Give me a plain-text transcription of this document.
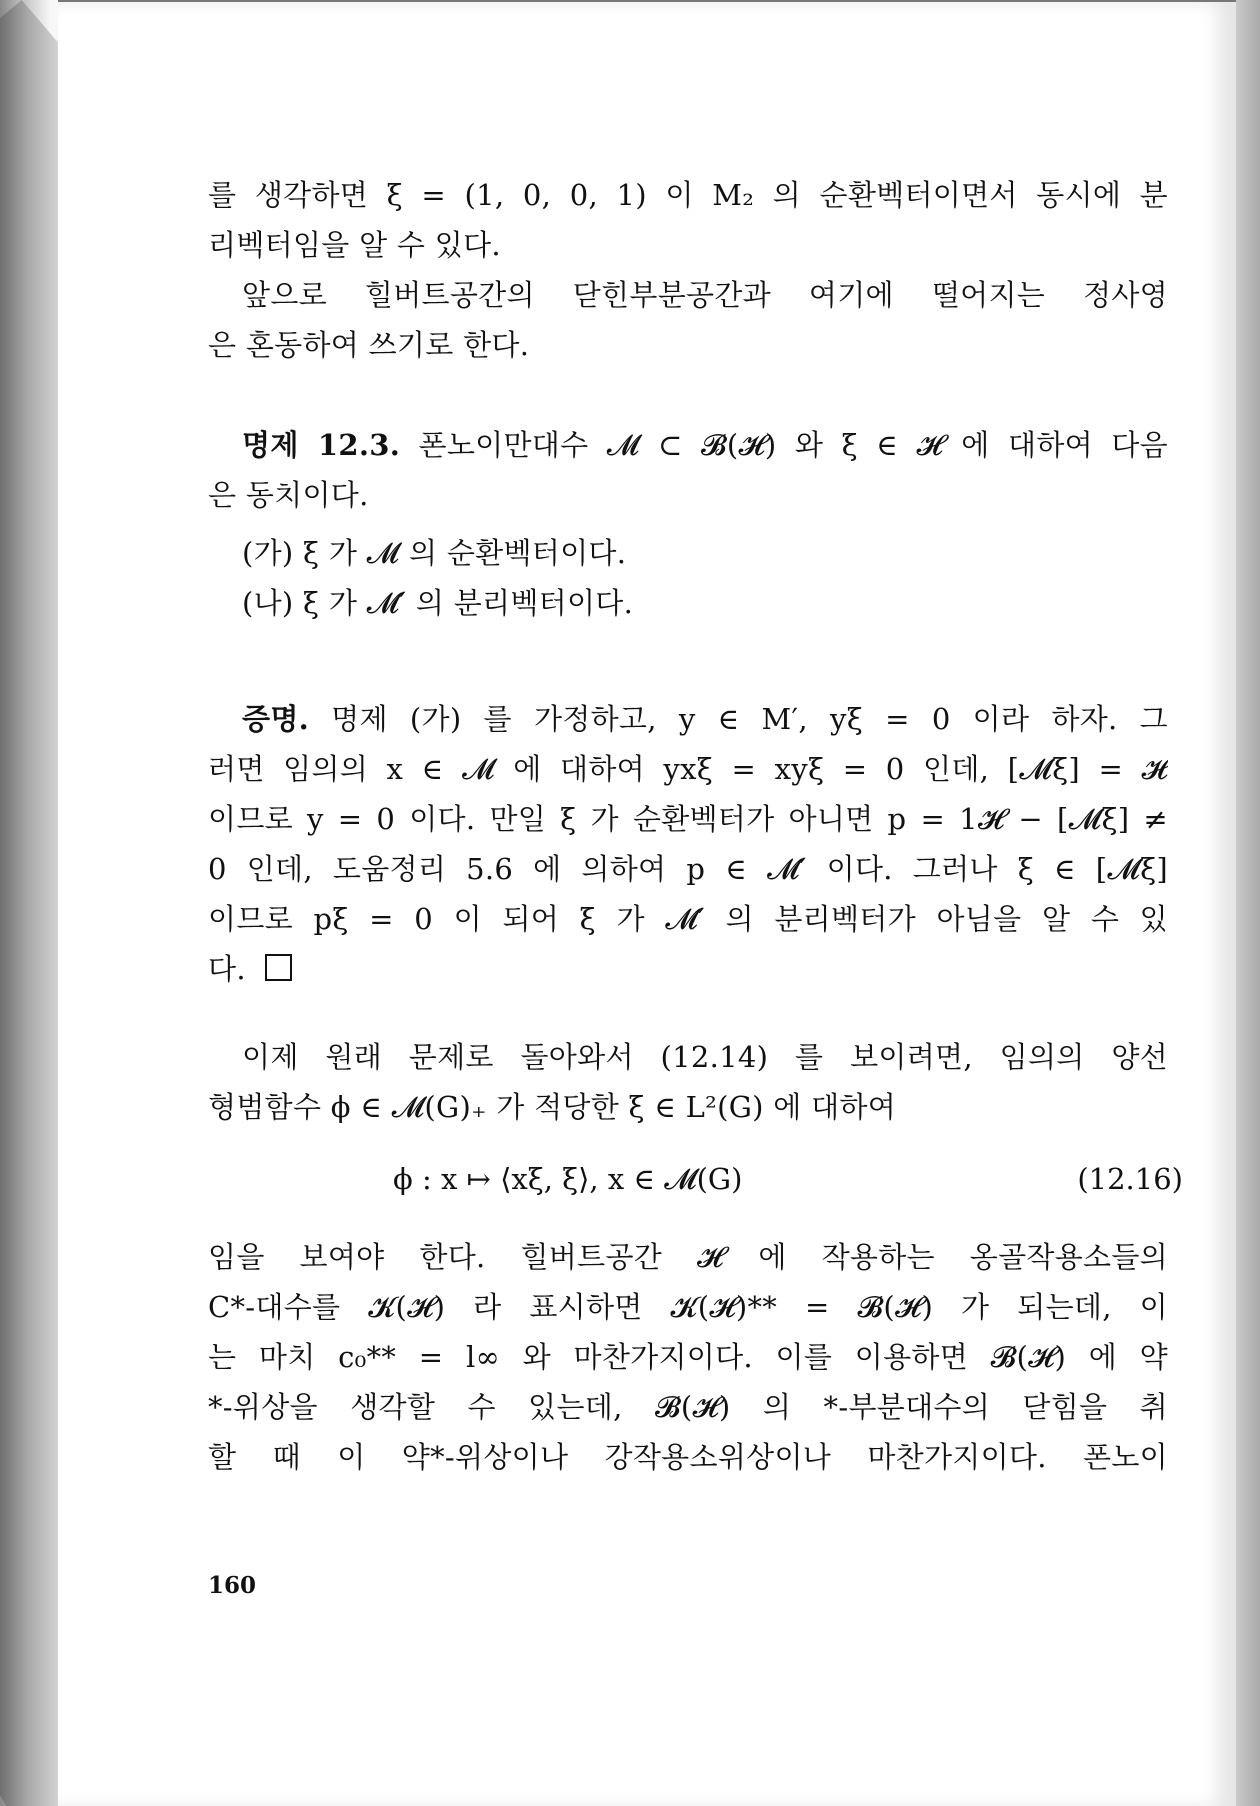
를 생각하면 ξ = (1, 0, 0, 1) 이 M₂ 의 순환벡터이면서 동시에 분
리벡터임을 알 수 있다.
앞으로 힐버트공간의 닫힌부분공간과 여기에 떨어지는 정사영
은 혼동하여 쓰기로 한다.
명제 12.3. 폰노이만대수 𝓜 ⊂ 𝓑(𝓗) 와 ξ ∈ 𝓗 에 대하여 다음
은 동치이다.
(가) ξ 가 𝓜 의 순환벡터이다.
(나) ξ 가 𝓜′ 의 분리벡터이다.
증명. 명제 (가) 를 가정하고, y ∈ M′, yξ = 0 이라 하자. 그
러면 임의의 x ∈ 𝓜 에 대하여 yxξ = xyξ = 0 인데, [𝓜ξ] = 𝓗
이므로 y = 0 이다. 만일 ξ 가 순환벡터가 아니면 p = 1𝓗 − [𝓜ξ] ≠
0 인데, 도움정리 5.6 에 의하여 p ∈ 𝓜′ 이다. 그러나 ξ ∈ [𝓜ξ]
이므로 pξ = 0 이 되어 ξ 가 𝓜′ 의 분리벡터가 아님을 알 수 있
다.
이제 원래 문제로 돌아와서 (12.14) 를 보이려면, 임의의 양선
형범함수 ϕ ∈ 𝓜(G)₊ 가 적당한 ξ ∈ L²(G) 에 대하여
ϕ : x ↦ ⟨xξ, ξ⟩, x ∈ 𝓜(G)	(12.16)
임을 보여야 한다. 힐버트공간 𝓗 에 작용하는 옹골작용소들의
C*-대수를 𝓚(𝓗) 라 표시하면 𝓚(𝓗)** = 𝓑(𝓗) 가 되는데, 이
는 마치 c₀** = l∞ 와 마찬가지이다. 이를 이용하면 𝓑(𝓗) 에 약
*-위상을 생각할 수 있는데, 𝓑(𝓗) 의 *-부분대수의 닫힘을 취
할 때 이 약*-위상이나 강작용소위상이나 마찬가지이다. 폰노이
160
